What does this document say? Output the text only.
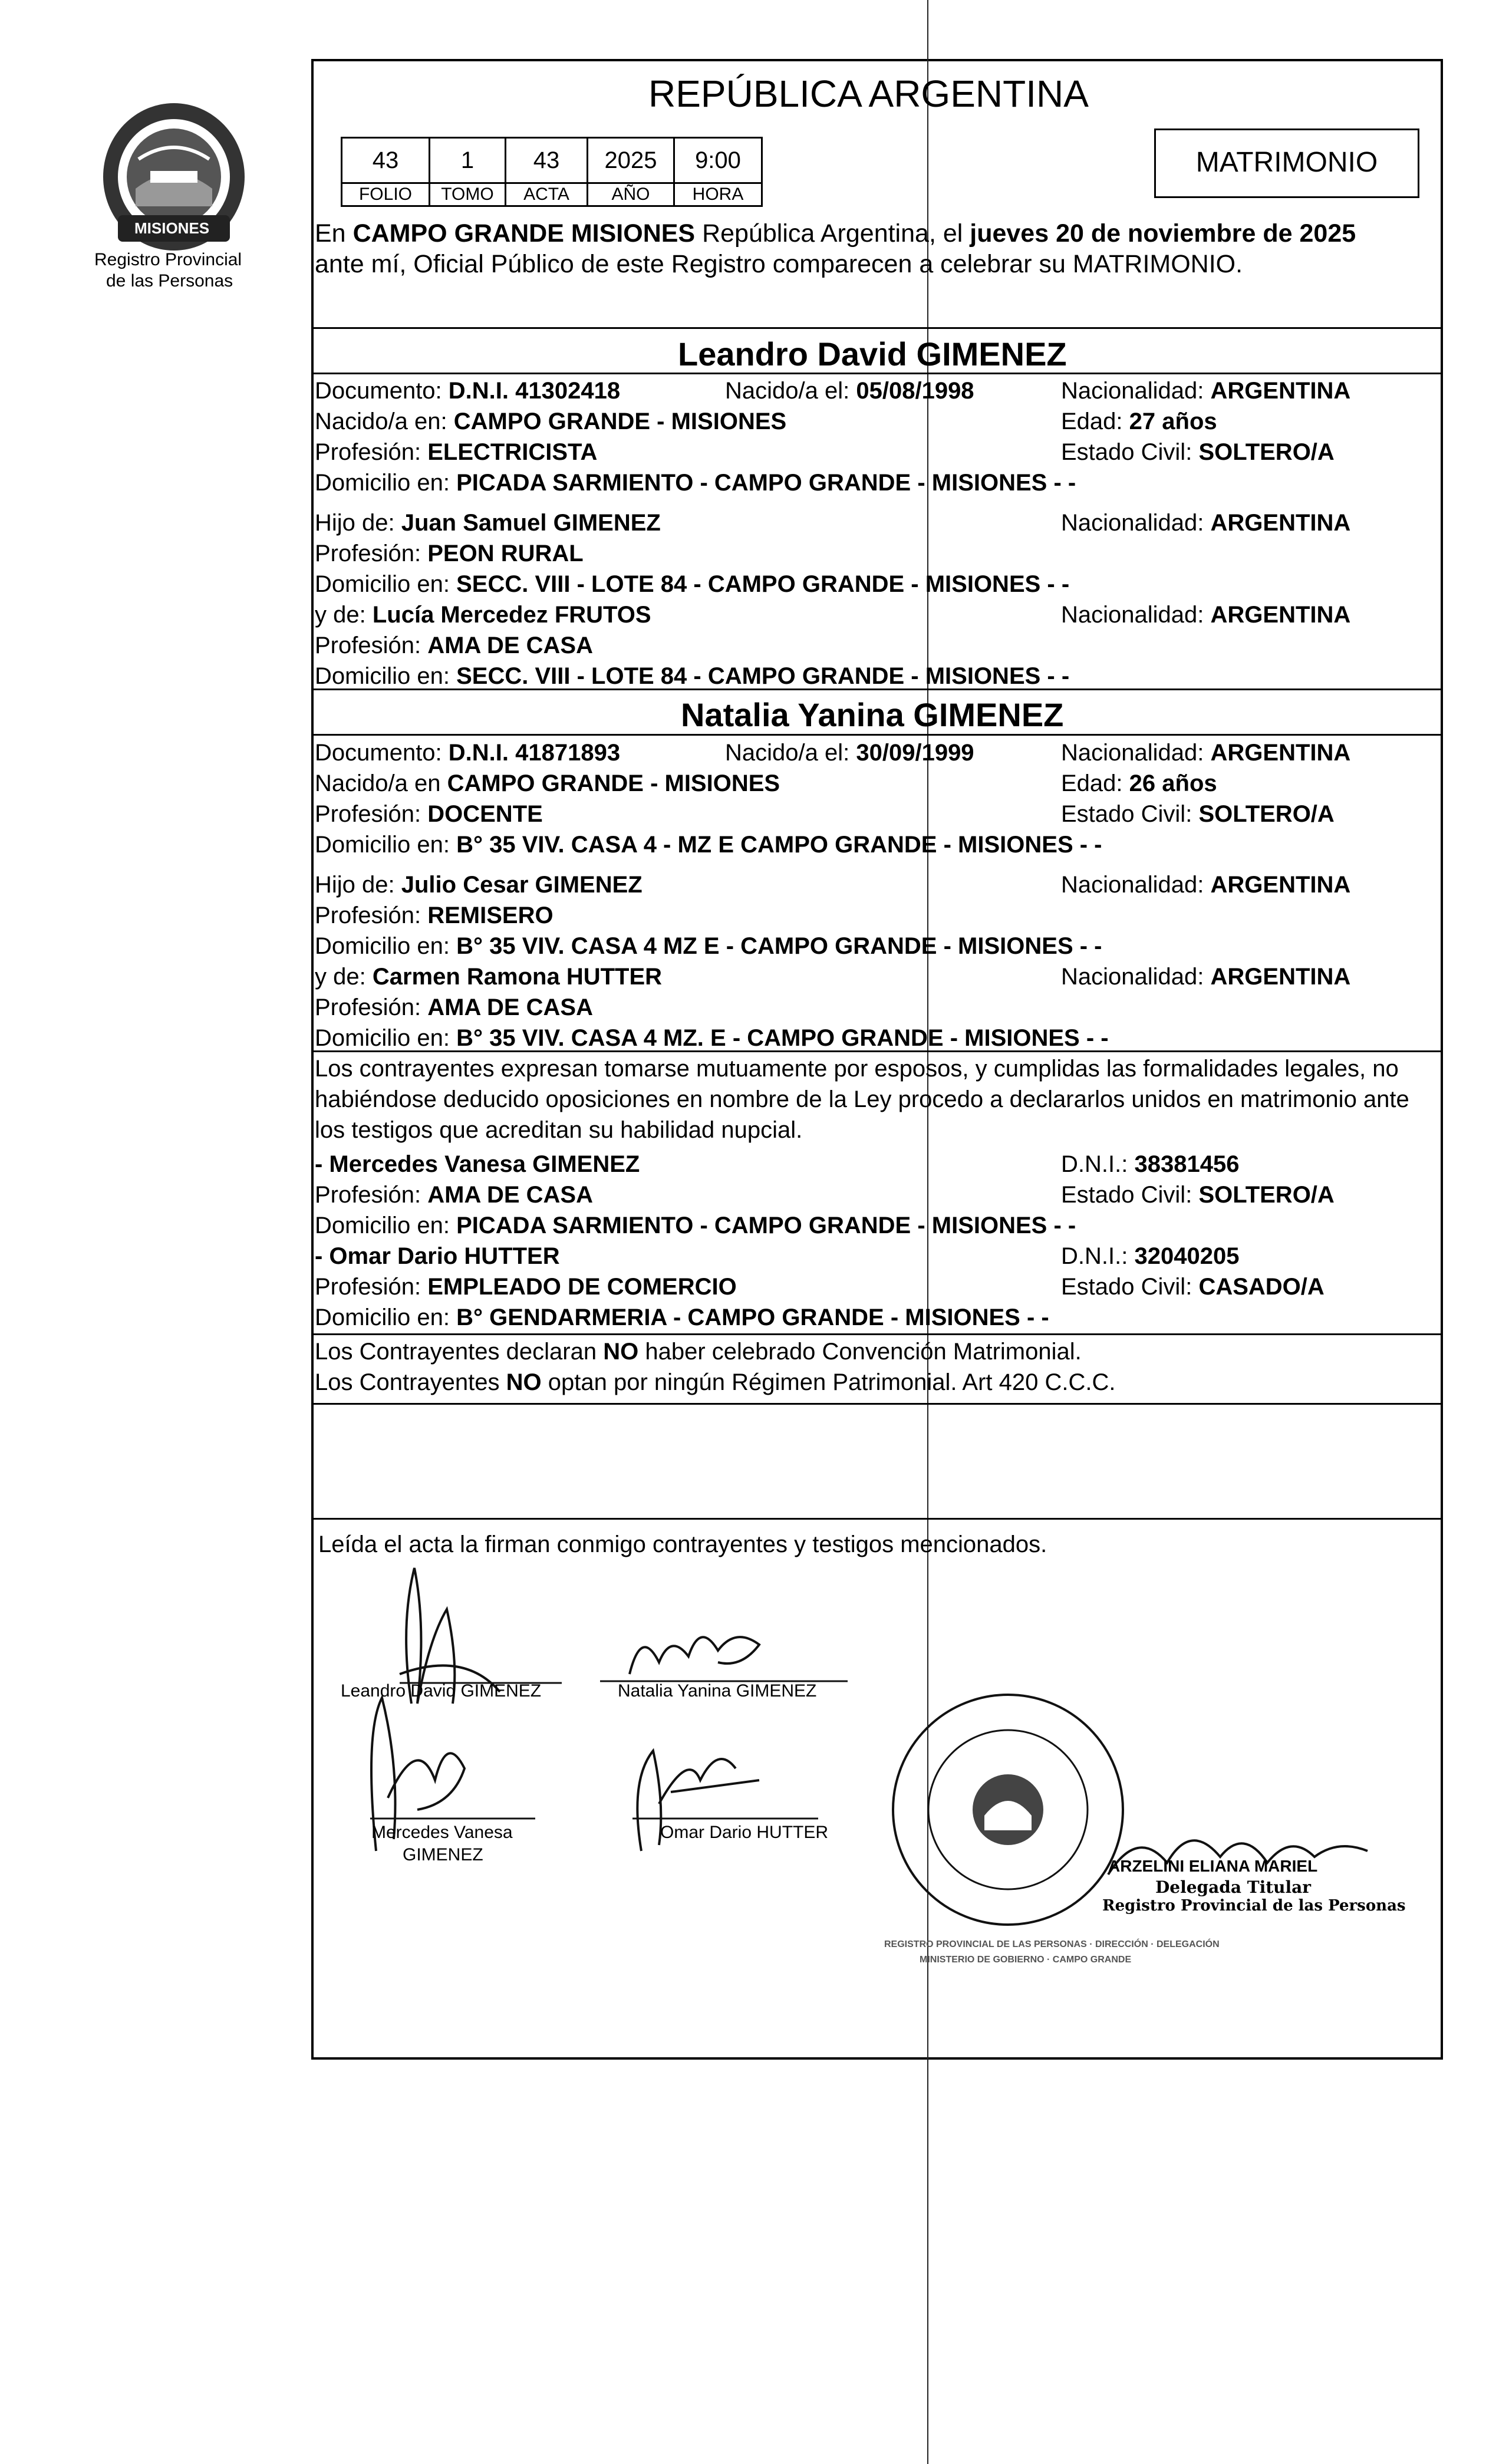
PROVINCIA DE
MISIONES
Registro Provincial
de las Personas
REPÚBLICA ARGENTINA
43	1	43	2025	9:00
FOLIO	TOMO	ACTA	AÑO	HORA
MATRIMONIO
En CAMPO GRANDE MISIONES República Argentina, el jueves 20 de noviembre de 2025
ante mí, Oficial Público de este Registro comparecen a celebrar su MATRIMONIO.
Leandro David GIMENEZ
Documento: D.N.I. 41302418	Nacido/a el: 05/08/1998	Nacionalidad: ARGENTINA
Nacido/a en: CAMPO GRANDE - MISIONES	Edad: 27 años
Profesión: ELECTRICISTA	Estado Civil: SOLTERO/A
Domicilio en: PICADA SARMIENTO - CAMPO GRANDE - MISIONES - -
Hijo de: Juan Samuel GIMENEZ	Nacionalidad: ARGENTINA
Profesión: PEON RURAL
Domicilio en: SECC. VIII - LOTE 84 - CAMPO GRANDE - MISIONES - -
y de: Lucía Mercedez FRUTOS	Nacionalidad: ARGENTINA
Profesión: AMA DE CASA
Domicilio en: SECC. VIII - LOTE 84 - CAMPO GRANDE - MISIONES - -
Natalia Yanina GIMENEZ
Documento: D.N.I. 41871893	Nacido/a el: 30/09/1999	Nacionalidad: ARGENTINA
Nacido/a en CAMPO GRANDE - MISIONES	Edad: 26 años
Profesión: DOCENTE	Estado Civil: SOLTERO/A
Domicilio en: B° 35 VIV. CASA 4 - MZ E CAMPO GRANDE - MISIONES - -
Hijo de: Julio Cesar GIMENEZ	Nacionalidad: ARGENTINA
Profesión: REMISERO
Domicilio en: B° 35 VIV. CASA 4 MZ E - CAMPO GRANDE - MISIONES - -
y de: Carmen Ramona HUTTER	Nacionalidad: ARGENTINA
Profesión: AMA DE CASA
Domicilio en: B° 35 VIV. CASA 4 MZ. E - CAMPO GRANDE - MISIONES - -
Los contrayentes expresan tomarse mutuamente por esposos, y cumplidas las formalidades legales, no
habiéndose deducido oposiciones en nombre de la Ley procedo a declararlos unidos en matrimonio ante
los testigos que acreditan su habilidad nupcial.
- Mercedes Vanesa GIMENEZ	D.N.I.: 38381456
Profesión: AMA DE CASA	Estado Civil: SOLTERO/A
Domicilio en: PICADA SARMIENTO - CAMPO GRANDE - MISIONES - -
- Omar Dario HUTTER	D.N.I.: 32040205
Profesión: EMPLEADO DE COMERCIO	Estado Civil: CASADO/A
Domicilio en: B° GENDARMERIA - CAMPO GRANDE - MISIONES - -
Los Contrayentes declaran NO haber celebrado Convención Matrimonial.
Los Contrayentes NO optan por ningún Régimen Patrimonial. Art 420 C.C.C.
Leída el acta la firman conmigo contrayentes y testigos mencionados.
Leandro David GIMENEZ	Natalia Yanina GIMENEZ
Mercedes Vanesa
GIMENEZ
Omar Dario HUTTER
REGISTRO PROVINCIAL DE LAS PERSONAS · DIRECCIÓN · DELEGACIÓN
MINISTERIO DE GOBIERNO · CAMPO GRANDE
ARZELINI ELIANA MARIEL
Delegada Titular
Registro Provincial de las Personas
